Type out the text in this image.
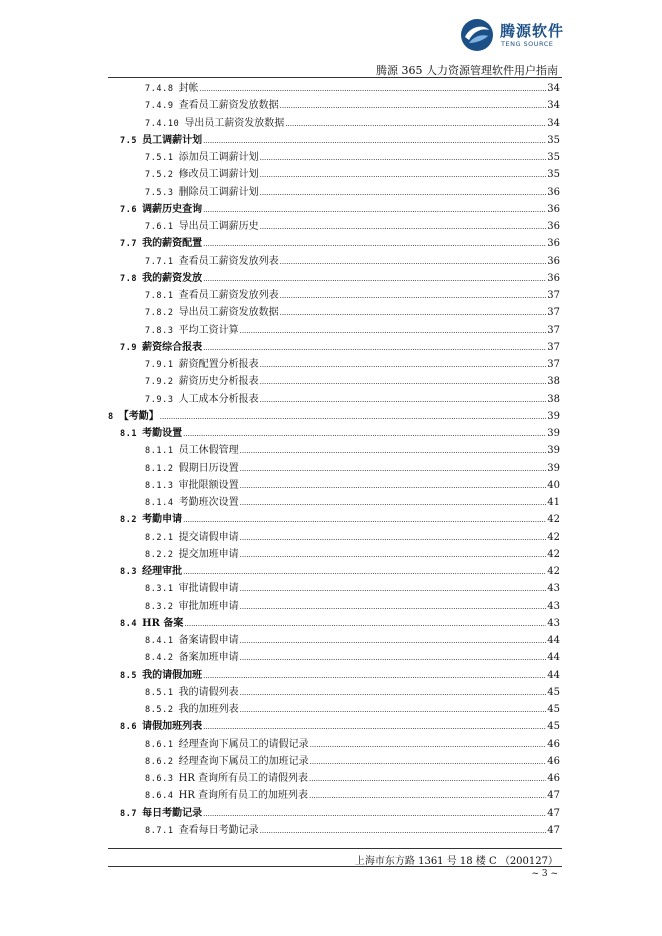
腾源软件
TENG SOURCE
腾源 365 人力资源管理软件用户指南
7.4.8 封帐 .....	34
7.4.9 查看员工薪资发放数据 .....	34
7.4.10 导出员工薪资发放数据 .....	34
7.5 员工调薪计划 .....	35
7.5.1 添加员工调薪计划 .....	35
7.5.2 修改员工调薪计划 .....	35
7.5.3 删除员工调薪计划 .....	36
7.6 调薪历史查询 .....	36
7.6.1 导出员工调薪历史 .....	36
7.7 我的薪资配置 .....	36
7.7.1 查看员工薪资发放列表 .....	36
7.8 我的薪资发放 .....	36
7.8.1 查看员工薪资发放列表 .....	37
7.8.2 导出员工薪资发放数据 .....	37
7.8.3 平均工资计算 .....	37
7.9 薪资综合报表 .....	37
7.9.1 薪资配置分析报表 .....	37
7.9.2 薪资历史分析报表 .....	38
7.9.3 人工成本分析报表 .....	38
8 【考勤】 .....	39
8.1 考勤设置 .....	39
8.1.1 员工休假管理 .....	39
8.1.2 假期日历设置 .....	39
8.1.3 审批限额设置 .....	40
8.1.4 考勤班次设置 .....	41
8.2 考勤申请 .....	42
8.2.1 提交请假申请 .....	42
8.2.2 提交加班申请 .....	42
8.3 经理审批 .....	42
8.3.1 审批请假申请 .....	43
8.3.2 审批加班申请 .....	43
8.4 HR 备案 .....	43
8.4.1 备案请假申请 .....	44
8.4.2 备案加班申请 .....	44
8.5 我的请假加班 .....	44
8.5.1 我的请假列表 .....	45
8.5.2 我的加班列表 .....	45
8.6 请假加班列表 .....	45
8.6.1 经理查询下属员工的请假记录 .....	46
8.6.2 经理查询下属员工的加班记录 .....	46
8.6.3 HR 查询所有员工的请假列表 .....	46
8.6.4 HR 查询所有员工的加班列表 .....	47
8.7 每日考勤记录 .....	47
8.7.1 查看每日考勤记录 .....	47
上海市东方路 1361 号 18 楼 C （200127）
~ 3 ~
